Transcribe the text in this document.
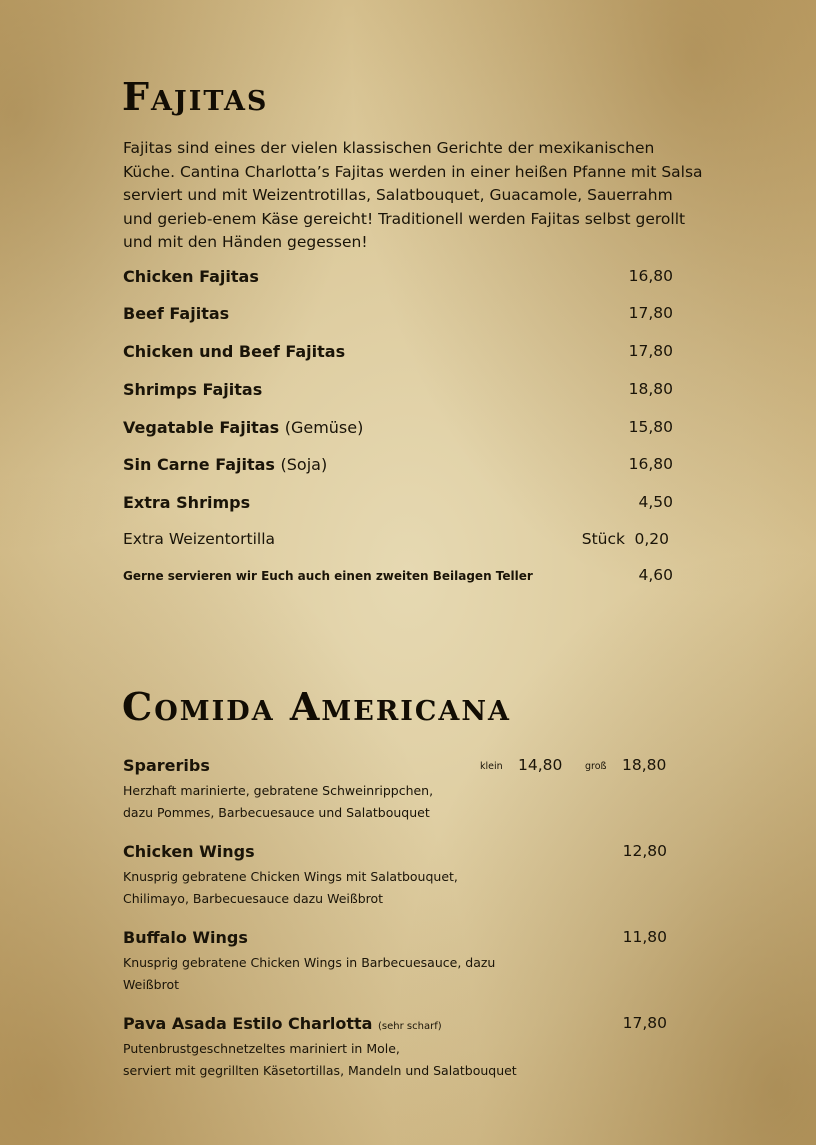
Fajitas

Fajitas sind eines der vielen klassischen Gerichte der mexikanischen Küche. Cantina Charlotta’s Fajitas werden in einer heißen Pfanne mit Salsa serviert und mit Weizentrotillas, Salatbouquet, Guacamole, Sauerrahm und gerieb-enem Käse gereicht! Traditionell werden Fajitas selbst gerollt und mit den Händen gegessen!

Chicken Fajitas	16,80
Beef Fajitas	17,80
Chicken und Beef Fajitas	17,80
Shrimps Fajitas	18,80
Vegatable Fajitas (Gemüse)	15,80
Sin Carne Fajitas (Soja)	16,80
Extra Shrimps	4,50
Extra Weizentortilla	Stück 0,20
Gerne servieren wir Euch auch einen zweiten Beilagen Teller	4,60
Comida Americana
Spareribs	klein 14,80 groß 18,80

Herzhaft marinierte, gebratene Schweinrippchen,

dazu Pommes, Barbecuesauce und Salatbouquet

Chicken Wings	12,80

Knusprig gebratene Chicken Wings mit Salatbouquet,

Chilimayo, Barbecuesauce dazu Weißbrot

Buffalo Wings	11,80

Knusprig gebratene Chicken Wings in Barbecuesauce, dazu

Weißbrot

Pava Asada Estilo Charlotta (sehr scharf)	17,80

Putenbrustgeschnetzeltes mariniert in Mole,

serviert mit gegrillten Käsetortillas, Mandeln und Salatbouquet
